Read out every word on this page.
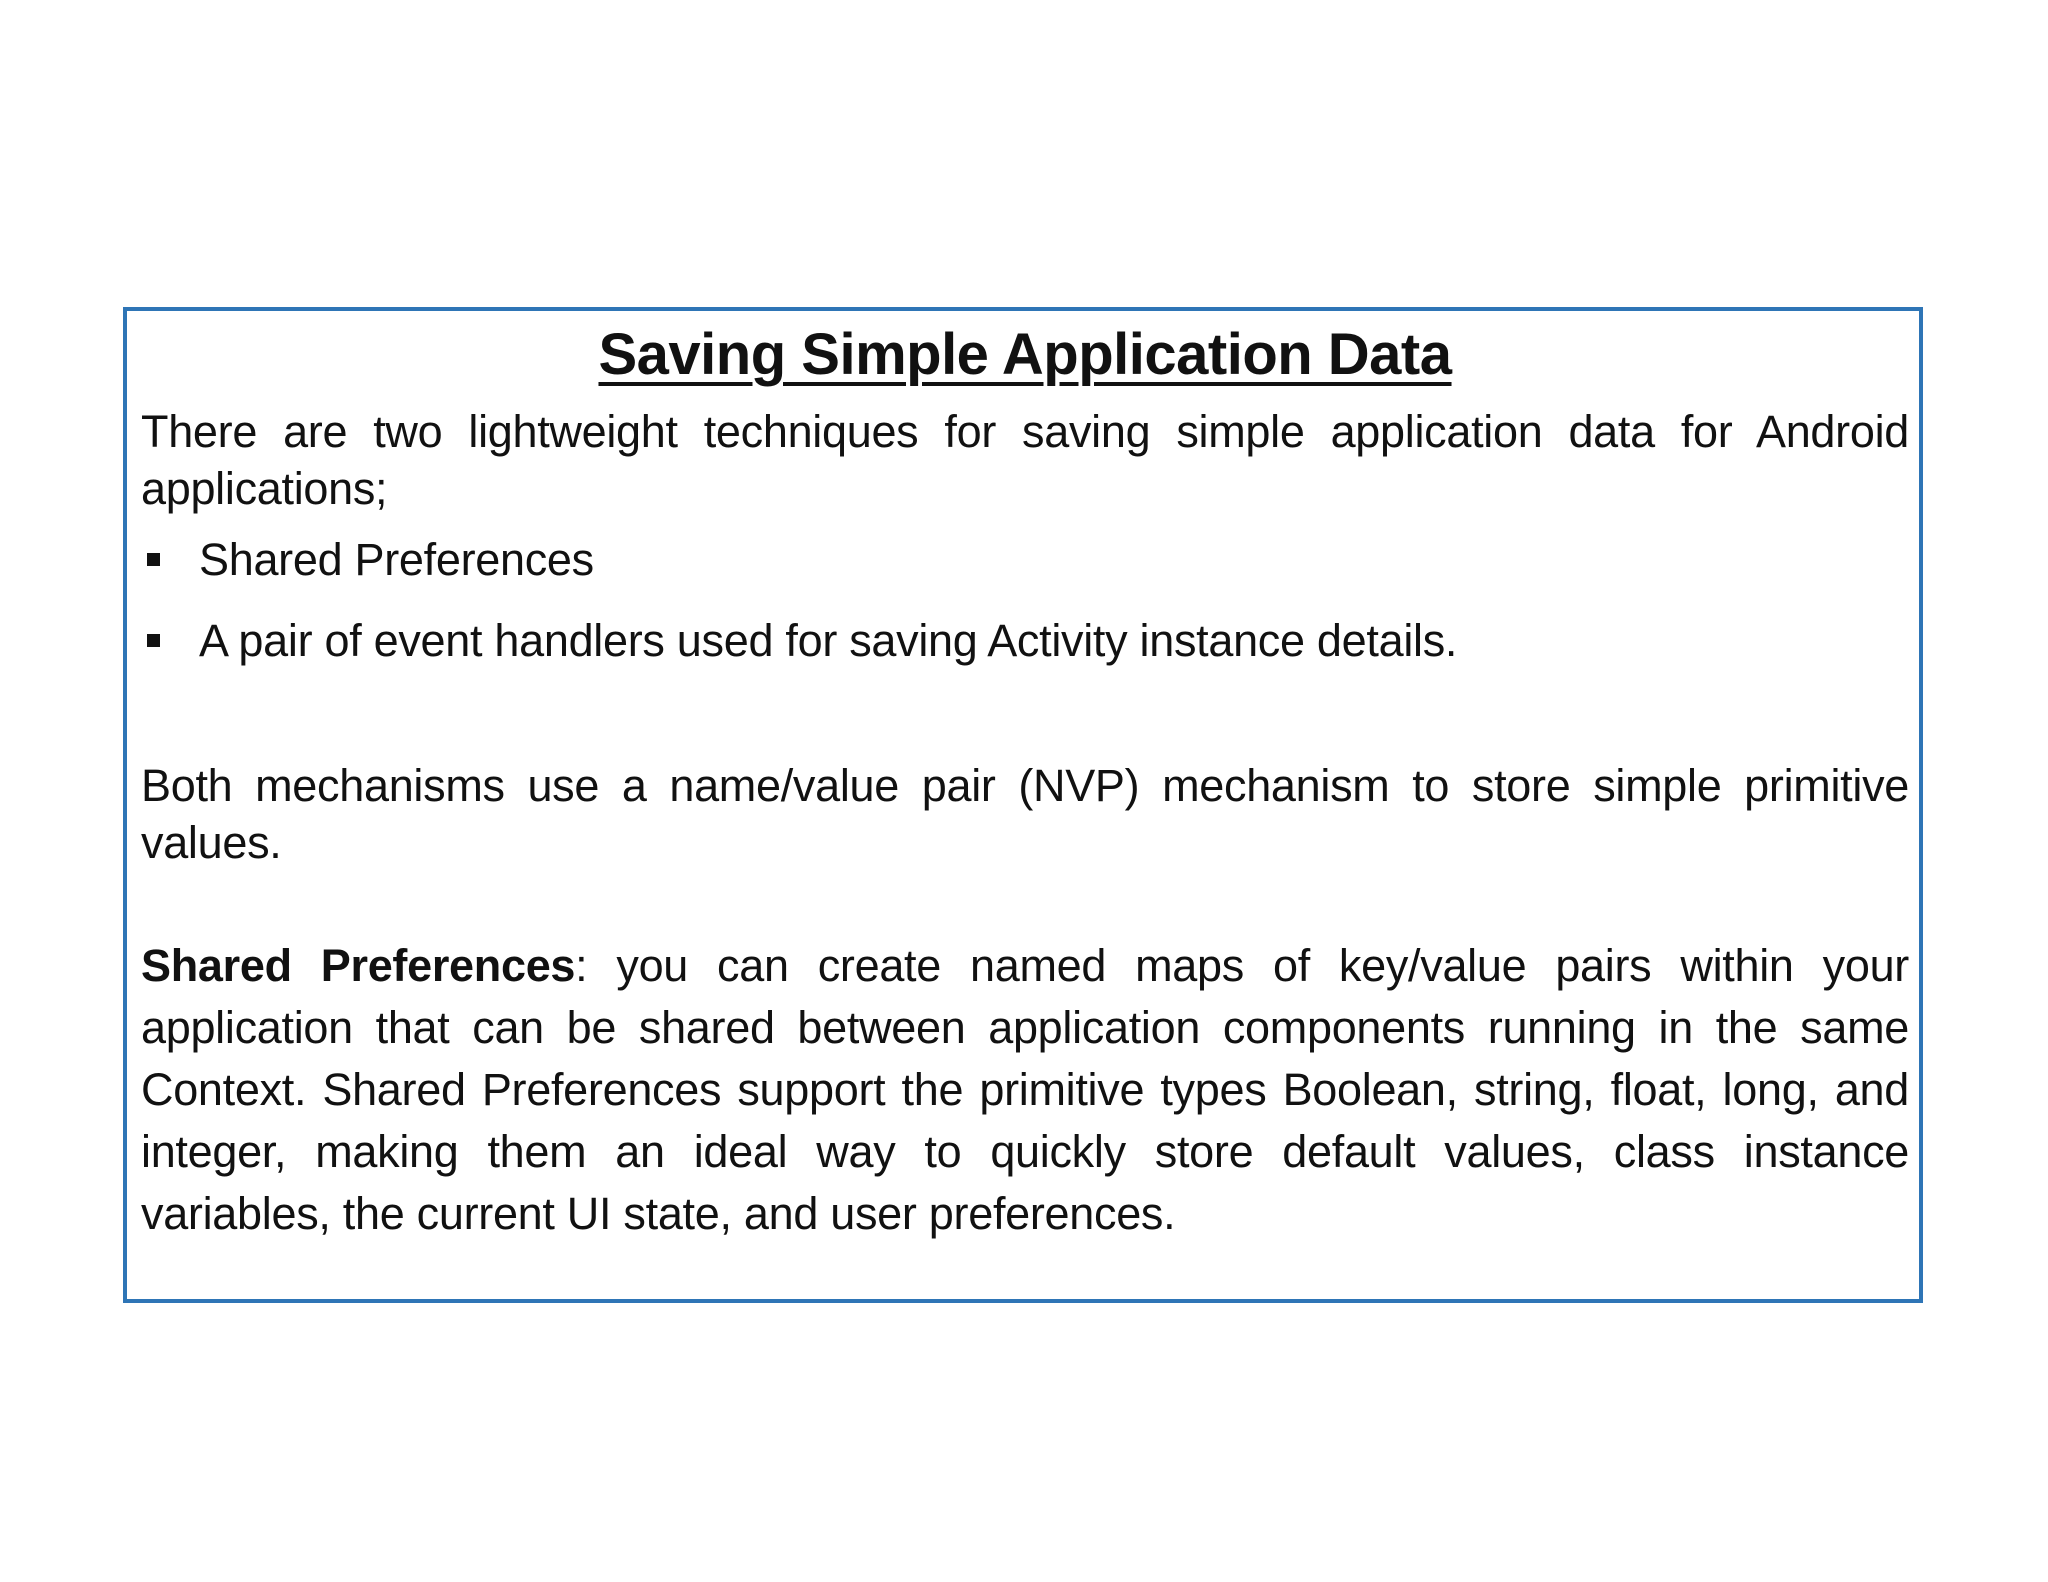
Saving Simple Application Data

There are two lightweight techniques for saving simple application data for Android applications;

Shared Preferences
A pair of event handlers used for saving Activity instance details.

Both mechanisms use a name/value pair (NVP) mechanism to store simple primitive values.

Shared Preferences: you can create named maps of key/value pairs within your application that can be shared between application components running in the same Context. Shared Preferences support the primitive types Boolean, string, float, long, and integer, making them an ideal way to quickly store default values, class instance variables, the current UI state, and user preferences.
